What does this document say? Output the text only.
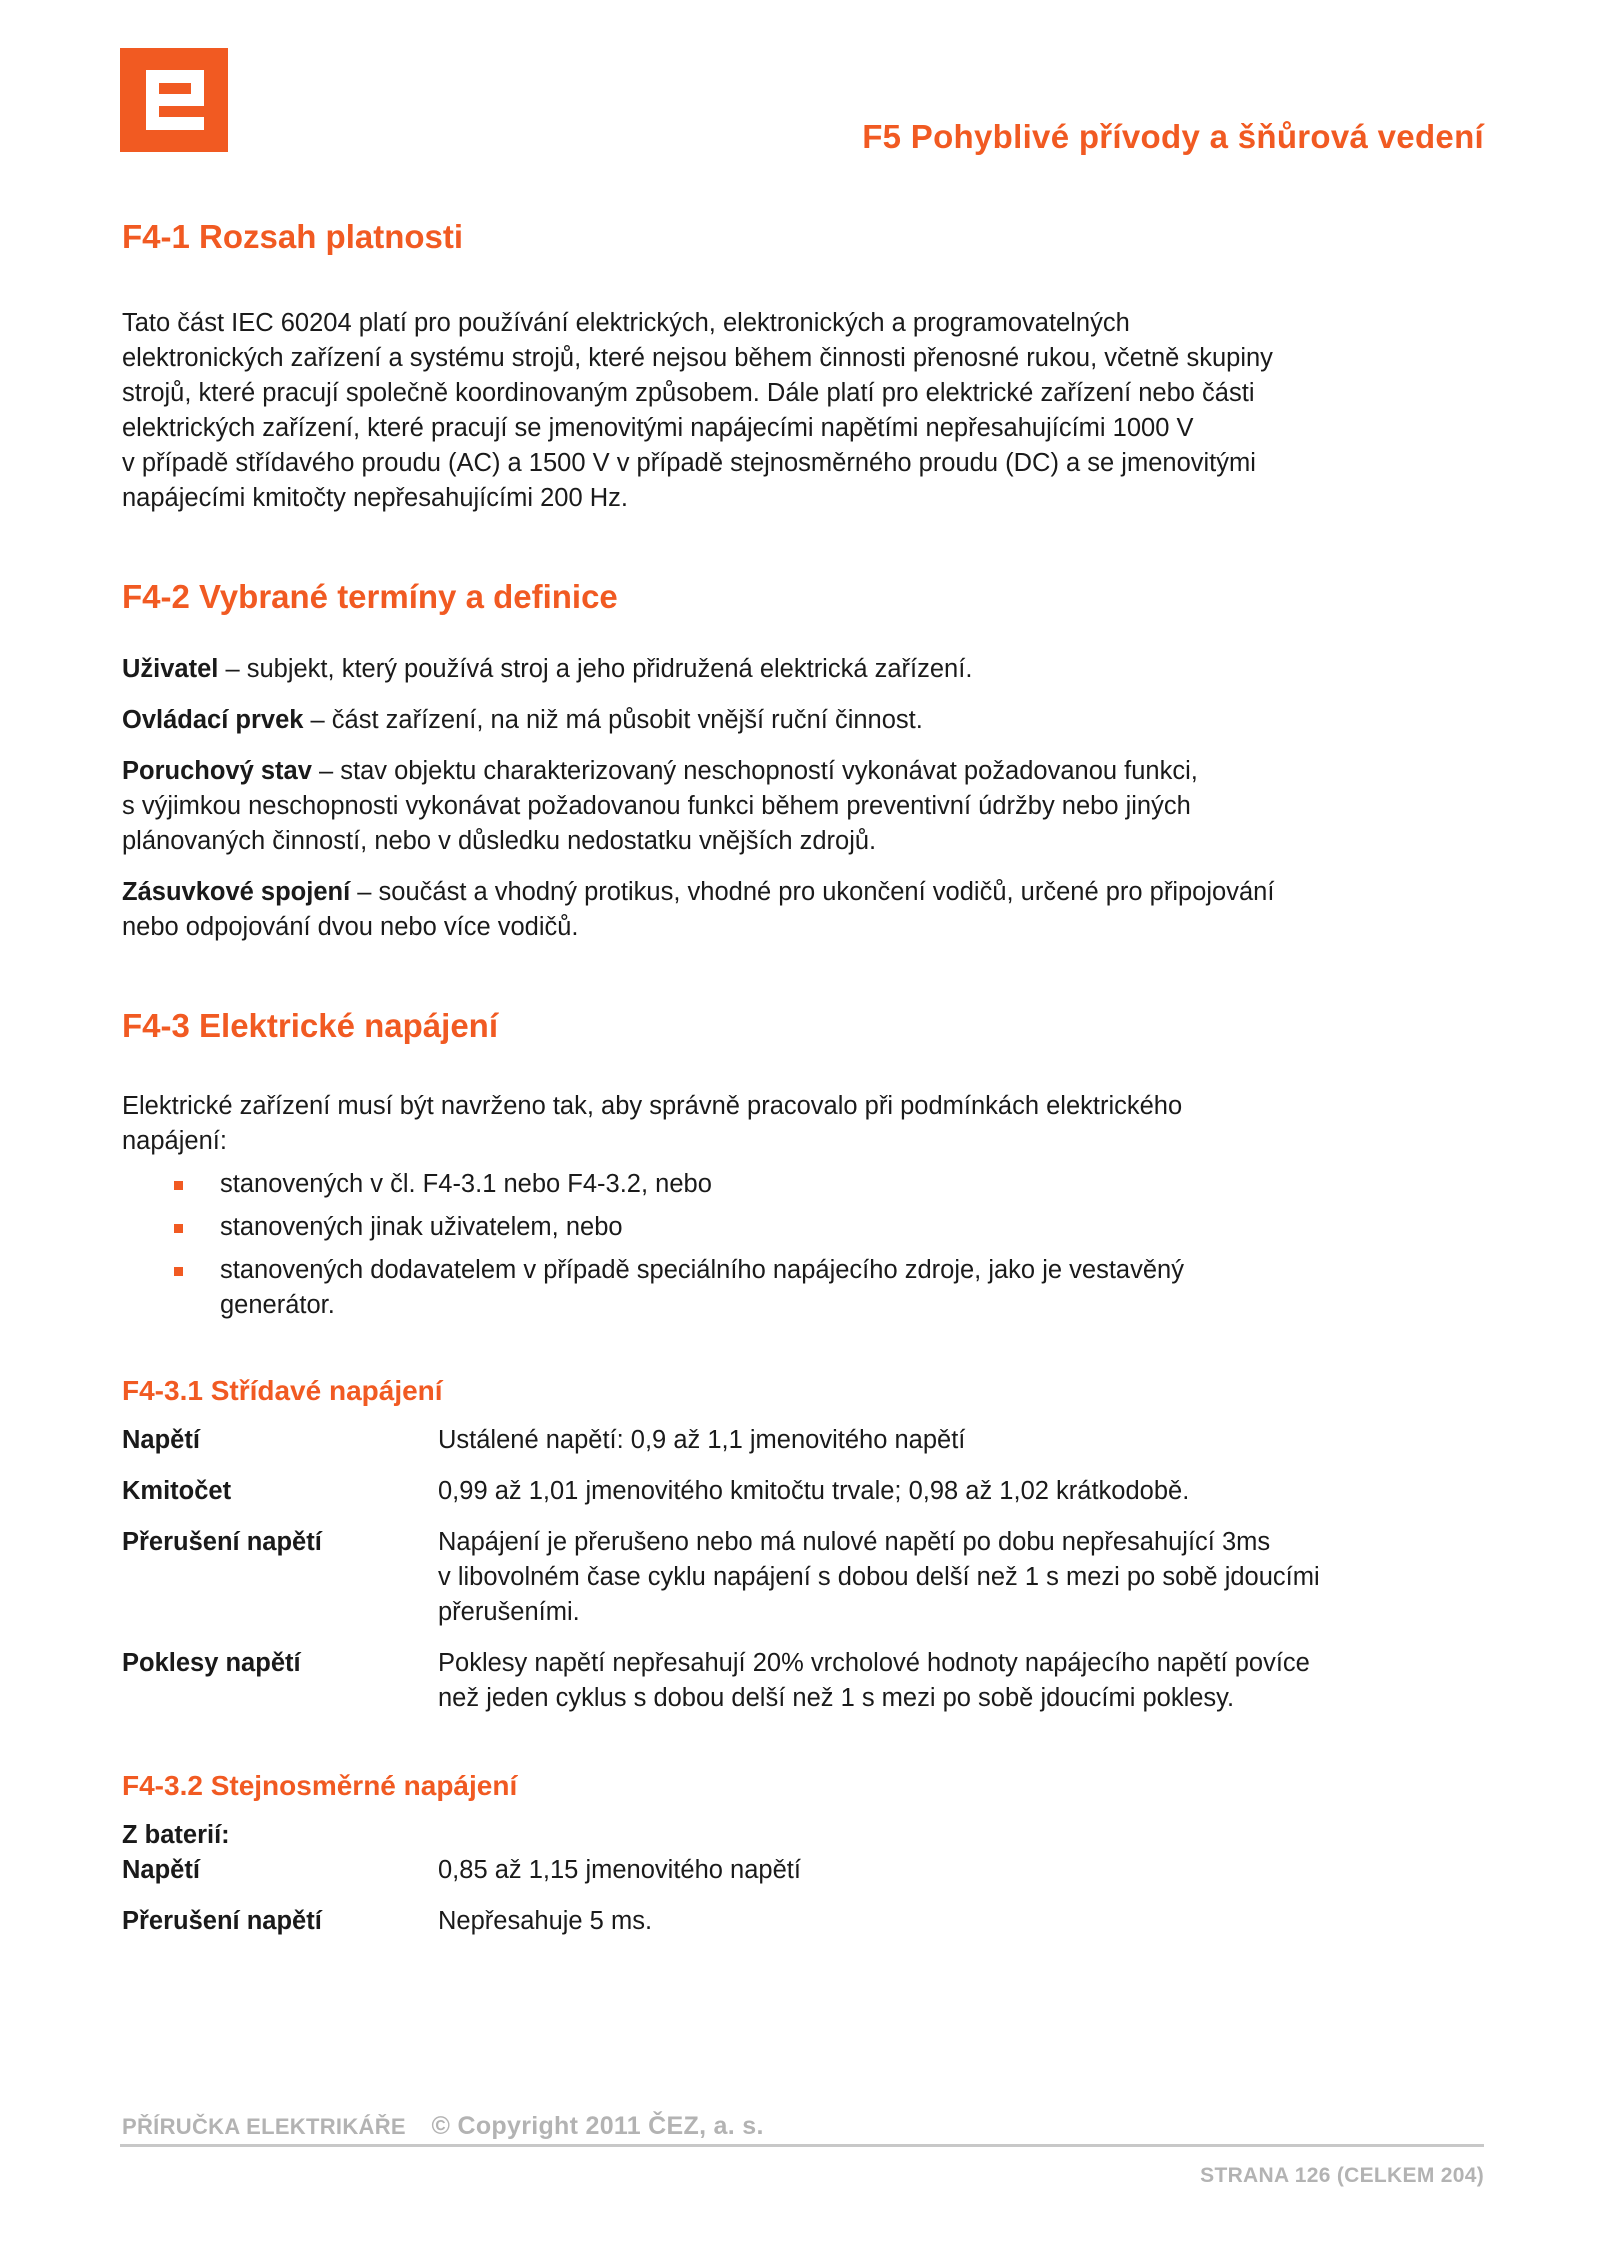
F5 Pohyblivé přívody a šňůrová vedení
F4-1 Rozsah platnosti

Tato část IEC 60204 platí pro používání elektrických, elektronických a programovatelných
elektronických zařízení a systému strojů, které nejsou během činnosti přenosné rukou, včetně skupiny
strojů, které pracují společně koordinovaným způsobem. Dále platí pro elektrické zařízení nebo části
elektrických zařízení, které pracují se jmenovitými napájecími napětími nepřesahujícími 1000 V
v případě střídavého proudu (AC) a 1500 V v případě stejnosměrného proudu (DC) a se jmenovitými
napájecími kmitočty nepřesahujícími 200 Hz.

F4-2 Vybrané termíny a definice

Uživatel – subjekt, který používá stroj a jeho přidružená elektrická zařízení.

Ovládací prvek – část zařízení, na niž má působit vnější ruční činnost.

Poruchový stav – stav objektu charakterizovaný neschopností vykonávat požadovanou funkci,
s výjimkou neschopnosti vykonávat požadovanou funkci během preventivní údržby nebo jiných
plánovaných činností, nebo v důsledku nedostatku vnějších zdrojů.

Zásuvkové spojení – součást a vhodný protikus, vhodné pro ukončení vodičů, určené pro připojování
nebo odpojování dvou nebo více vodičů.

F4-3 Elektrické napájení

Elektrické zařízení musí být navrženo tak, aby správně pracovalo při podmínkách elektrického
napájení:

stanovených v čl. F4-3.1 nebo F4-3.2, nebo
stanovených jinak uživatelem, nebo
stanovených dodavatelem v případě speciálního napájecího zdroje, jako je vestavěný
generátor.
F4-3.1 Střídavé napájení
Napětí	Ustálené napětí: 0,9 až 1,1 jmenovitého napětí
Kmitočet	0,99 až 1,01 jmenovitého kmitočtu trvale; 0,98 až 1,02 krátkodobě.
Přerušení napětí	Napájení je přerušeno nebo má nulové napětí po dobu nepřesahující 3ms
v libovolném čase cyklu napájení s dobou delší než 1 s mezi po sobě jdoucími
přerušeními.
Poklesy napětí	Poklesy napětí nepřesahují 20% vrcholové hodnoty napájecího napětí povíce
než jeden cyklus s dobou delší než 1 s mezi po sobě jdoucími poklesy.
F4-3.2 Stejnosměrné napájení
Z baterií:
Napětí	0,85 až 1,15 jmenovitého napětí
Přerušení napětí	Nepřesahuje 5 ms.
PŘÍRUČKA ELEKTRIKÁŘE © Copyright 2011 ČEZ, a. s.
STRANA 126 (CELKEM 204)
